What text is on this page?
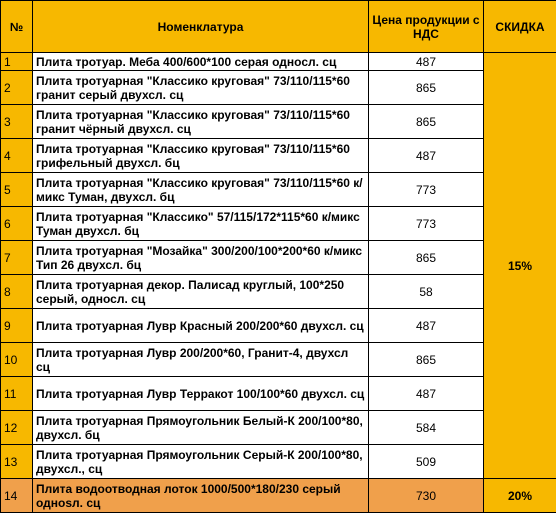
№	Номенклатура	Цена продукции с НДС	СКИДКА
1	Плита тротуар. Меба 400/600*100 серая односл. сц	487	15%
2	Плита тротуарная "Классико круговая" 73/110/115*60 гранит серый двухсл. сц	865	
3	Плита тротуарная "Классико круговая" 73/110/115*60 гранит чёрный двухсл. сц	865	
4	Плита тротуарная "Классико круговая" 73/110/115*60 грифельный двухсл. бц	487	
5	Плита тротуарная "Классико круговая" 73/110/115*60 к/микс Туман, двухсл. бц	773	
6	Плита тротуарная "Классико" 57/115/172*115*60 к/микс Туман двухсл. бц	773	
7	Плита тротуарная "Мозайка" 300/200/100*200*60 к/микс Тип 26 двухсл. бц	865	
8	Плита тротуарная декор. Палисад круглый, 100*250 серый, односл. сц	58	
9	Плита тротуарная Лувр Красный 200/200*60 двухсл. сц	487	
10	Плита тротуарная Лувр 200/200*60, Гранит-4, двухсл сц	865	
11	Плита тротуарная Лувр Терракот 100/100*60 двухсл. сц	487	
12	Плита тротуарная Прямоугольник Белый-К 200/100*80, двухсл. бц	584	
13	Плита тротуарная Прямоугольник Серый-К 200/100*80, двухсл., сц	509	
14	Плита водоотводная лоток 1000/500*180/230 серый однosл. сц	730	20%
